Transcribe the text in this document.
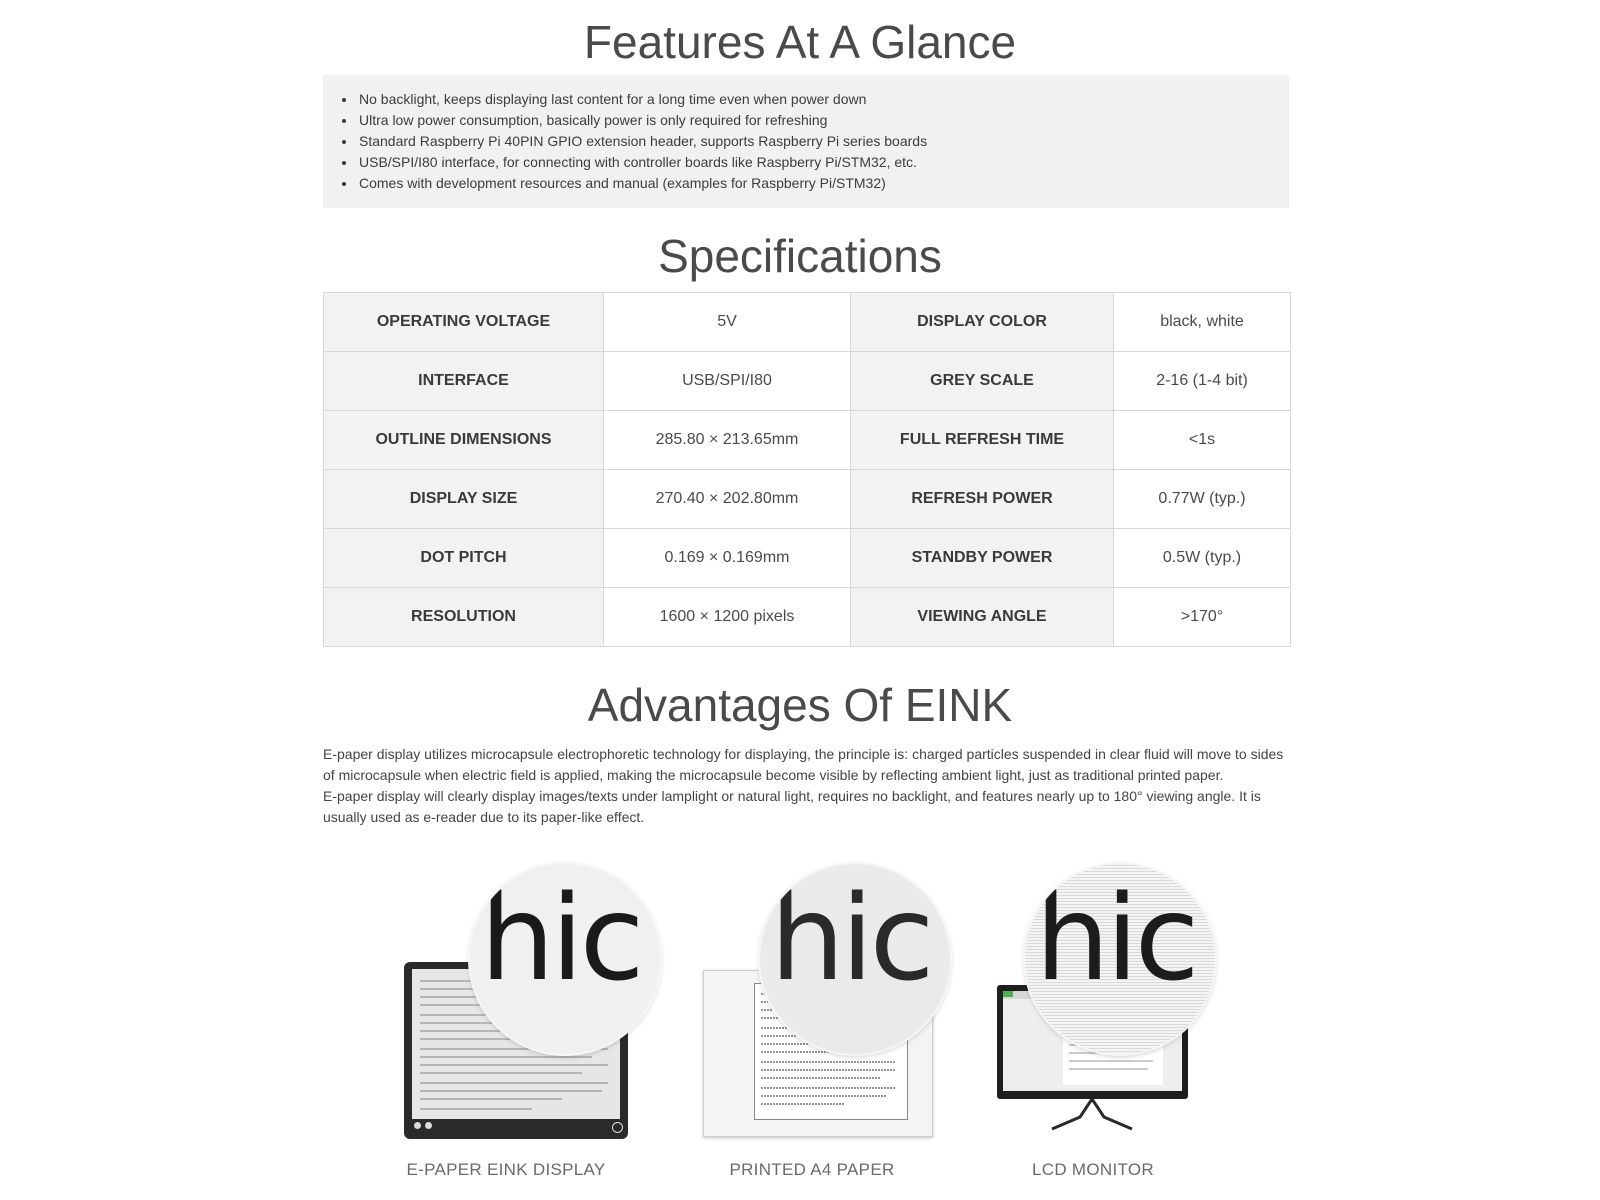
Features At A Glance
• No backlight, keeps displaying last content for a long time even when power down
• Ultra low power consumption, basically power is only required for refreshing
• Standard Raspberry Pi 40PIN GPIO extension header, supports Raspberry Pi series boards
• USB/SPI/I80 interface, for connecting with controller boards like Raspberry Pi/STM32, etc.
• Comes with development resources and manual (examples for Raspberry Pi/STM32)
Specifications
OPERATING VOLTAGE	5V	DISPLAY COLOR	black, white
INTERFACE	USB/SPI/I80	GREY SCALE	2-16 (1-4 bit)
OUTLINE DIMENSIONS	285.80 × 213.65mm	FULL REFRESH TIME	<1s
DISPLAY SIZE	270.40 × 202.80mm	REFRESH POWER	0.77W (typ.)
DOT PITCH	0.169 × 0.169mm	STANDBY POWER	0.5W (typ.)
RESOLUTION	1600 × 1200 pixels	VIEWING ANGLE	>170°
Advantages Of EINK

E-paper display utilizes microcapsule electrophoretic technology for displaying, the principle is: charged particles suspended in clear fluid will move to sides of microcapsule when electric field is applied, making the microcapsule become visible by reflecting ambient light, just as traditional printed paper.

E-paper display will clearly display images/texts under lamplight or natural light, requires no backlight, and features nearly up to 180° viewing angle. It is usually used as e-reader due to its paper-like effect.

hic hic hic
E-PAPER EINK DISPLAY	PRINTED A4 PAPER	LCD MONITOR
